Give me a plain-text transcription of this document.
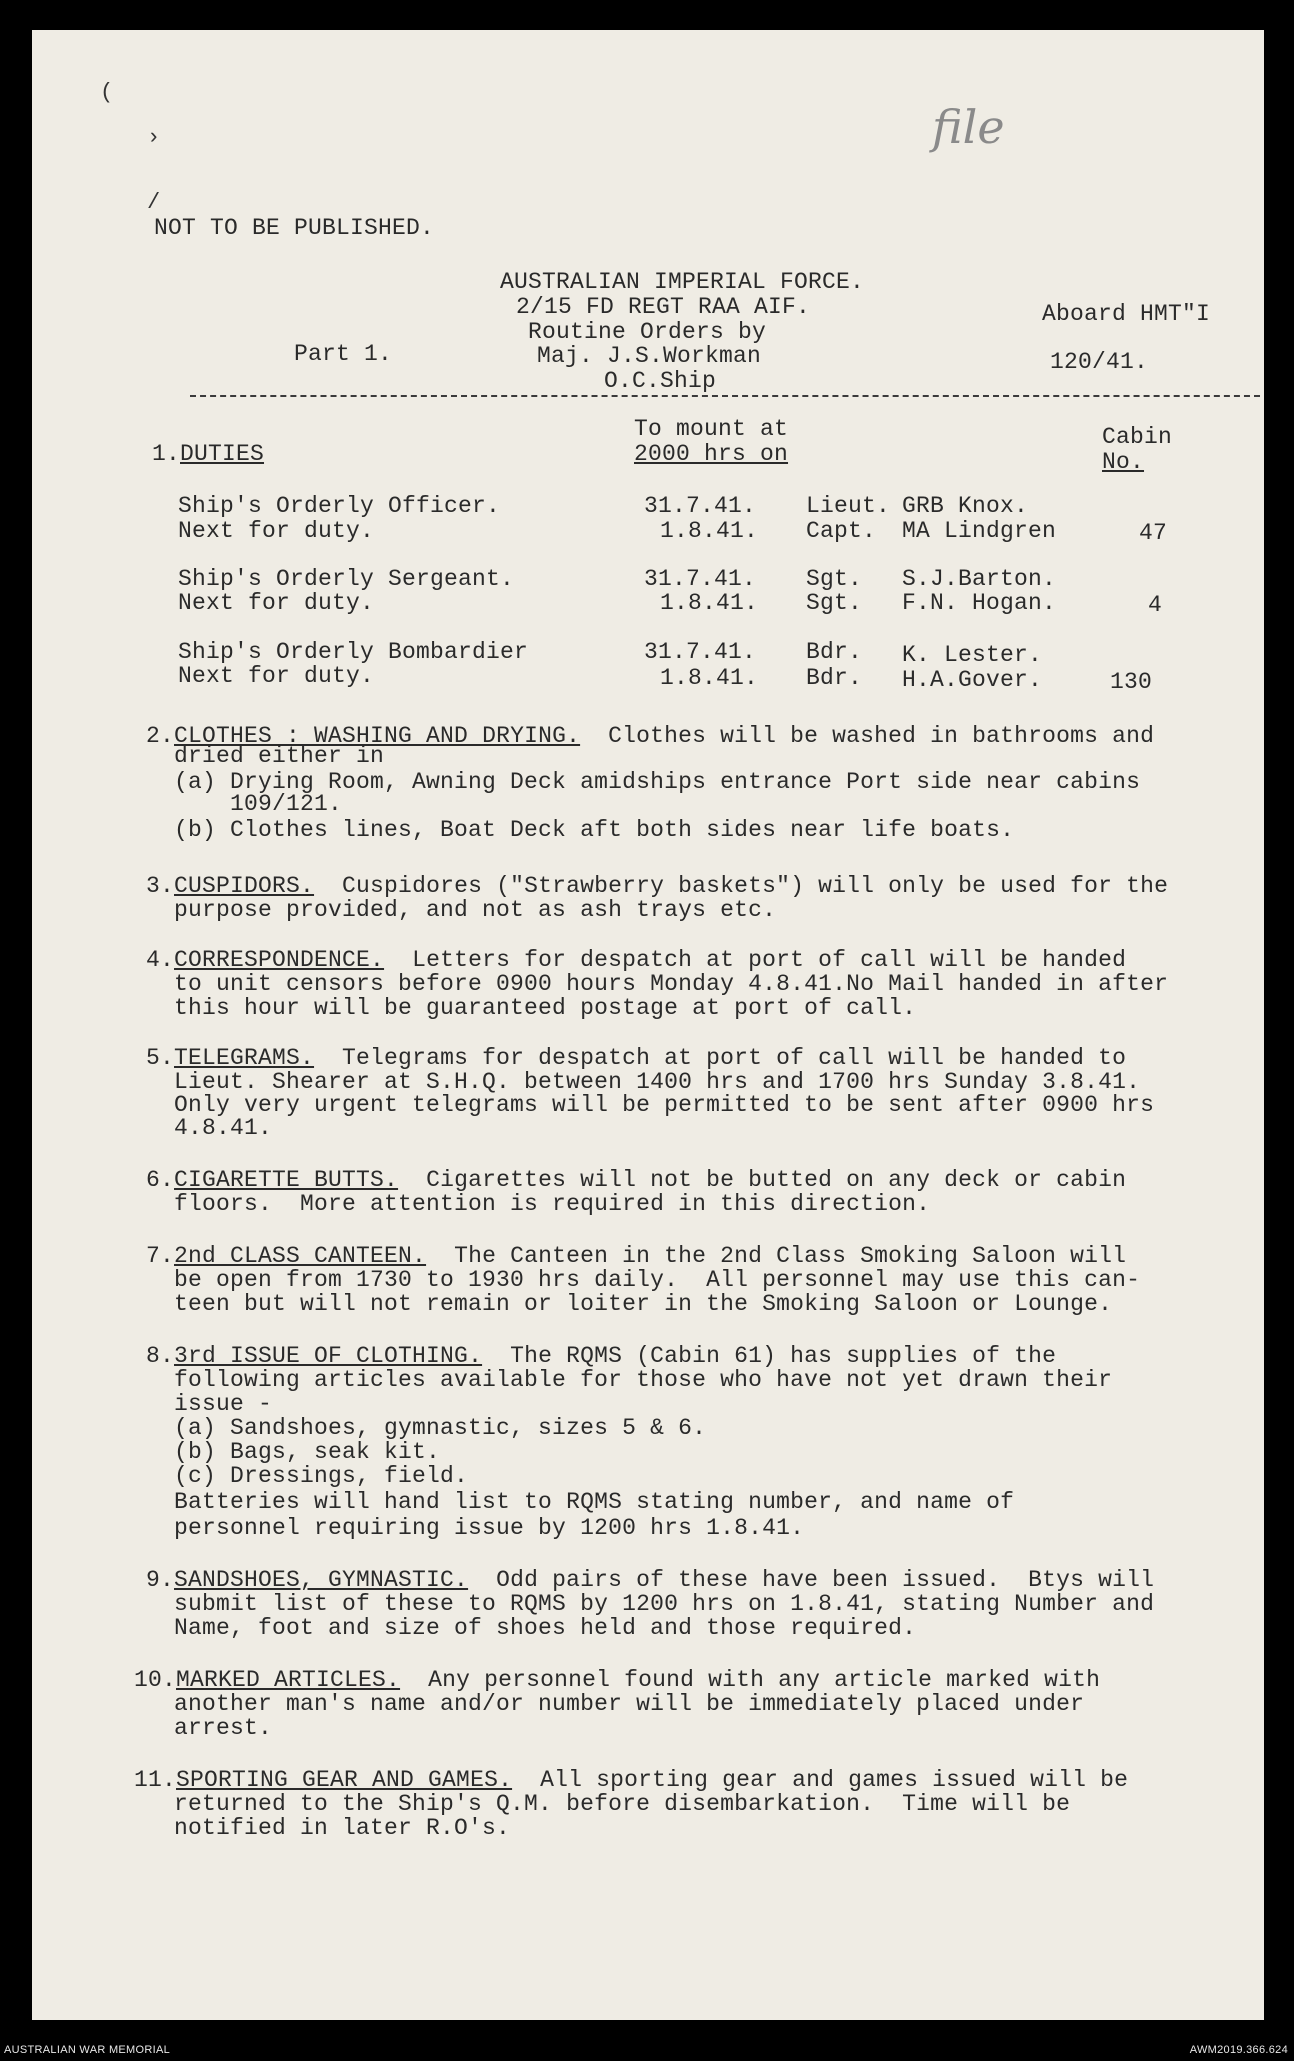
file
(
›
/
NOT TO BE PUBLISHED.
AUSTRALIAN IMPERIAL FORCE.
2/15 FD REGT RAA AIF.
Routine Orders by
Maj. J.S.Workman
O.C.Ship
Part 1.
Aboard HMT"I
120/41.
1. DUTIES
To mount at
2000 hrs on
Cabin
No.
Ship's Orderly Officer.	31.7.41. Lieut. GRB Knox.
Next for duty.	1.8.41. Capt. MA Lindgren	47
Ship's Orderly Sergeant.	31.7.41. Sgt. S.J.Barton.
Next for duty.	1.8.41. Sgt. F.N. Hogan.	4
Ship's Orderly Bombardier	31.7.41. Bdr. K. Lester.
Next for duty.	1.8.41. Bdr. H.A.Gover.	130
2.CLOTHES : WASHING AND DRYING.  Clothes will be washed in bathrooms and
dried either in
(a) Drying Room, Awning Deck amidships entrance Port side near cabins
109/121.
(b) Clothes lines, Boat Deck aft both sides near life boats.
3.CUSPIDORS.  Cuspidores ("Strawberry baskets") will only be used for the
purpose provided, and not as ash trays etc.
4.CORRESPONDENCE.  Letters for despatch at port of call will be handed
to unit censors before 0900 hours Monday 4.8.41.No Mail handed in after
this hour will be guaranteed postage at port of call.
5.TELEGRAMS.  Telegrams for despatch at port of call will be handed to
Lieut. Shearer at S.H.Q. between 1400 hrs and 1700 hrs Sunday 3.8.41.
Only very urgent telegrams will be permitted to be sent after 0900 hrs
4.8.41.
6.CIGARETTE BUTTS.  Cigarettes will not be butted on any deck or cabin
floors.  More attention is required in this direction.
7.2nd CLASS CANTEEN.  The Canteen in the 2nd Class Smoking Saloon will
be open from 1730 to 1930 hrs daily.  All personnel may use this can-
teen but will not remain or loiter in the Smoking Saloon or Lounge.
8.3rd ISSUE OF CLOTHING.  The RQMS (Cabin 61) has supplies of the
following articles available for those who have not yet drawn their
issue -
(a) Sandshoes, gymnastic, sizes 5 & 6.
(b) Bags, seak kit.
(c) Dressings, field.
Batteries will hand list to RQMS stating number, and name of
personnel requiring issue by 1200 hrs 1.8.41.
9.SANDSHOES, GYMNASTIC.  Odd pairs of these have been issued.  Btys will
submit list of these to RQMS by 1200 hrs on 1.8.41, stating Number and
Name, foot and size of shoes held and those required.
10.MARKED ARTICLES.  Any personnel found with any article marked with
another man's name and/or number will be immediately placed under
arrest.
11.SPORTING GEAR AND GAMES.  All sporting gear and games issued will be
returned to the Ship's Q.M. before disembarkation.  Time will be
notified in later R.O's.
AUSTRALIAN WAR MEMORIAL	AWM2019.366.624
